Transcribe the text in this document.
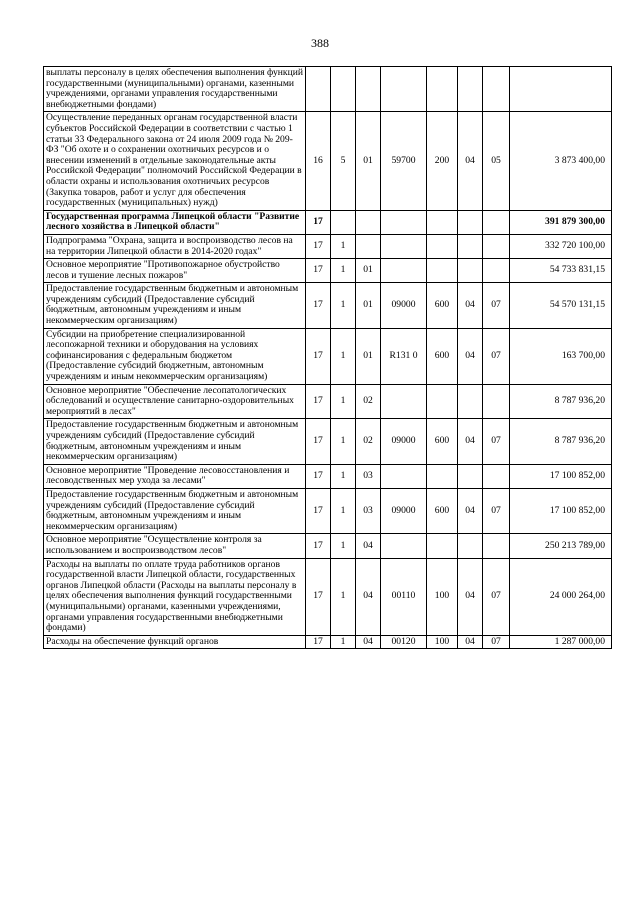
388
выплаты персоналу в целях обеспечения выполнения функций государственными (муниципальными) органами, казенными учреждениями, органами управления государственными внебюджетными фондами)								
Осуществление переданных органам государственной власти субъектов Российской Федерации в соответствии с частью 1 статьи 33 Федерального закона от 24 июля 2009 года № 209-ФЗ "Об охоте и о сохранении охотничьих ресурсов и о внесении изменений в отдельные законодательные акты Российской Федерации" полномочий Российской Федерации в области охраны и использования охотничьих ресурсов (Закупка товаров, работ и услуг для обеспечения государственных (муниципальных) нужд)	16	5	01	59700	200	04	05	3 873 400,00
Государственная программа Липецкой области "Развитие лесного хозяйства в Липецкой области"	17							391 879 300,00
Подпрограмма "Охрана, защита и воспроизводство лесов на на территории Липецкой области в 2014-2020 годах"	17	1						332 720 100,00
Основное мероприятие "Противопожарное обустройство лесов и тушение лесных пожаров"	17	1	01					54 733 831,15
Предоставление государственным бюджетным и автономным учреждениям субсидий (Предоставление субсидий бюджетным, автономным учреждениям и иным некоммерческим организациям)	17	1	01	09000	600	04	07	54 570 131,15
Субсидии на приобретение специализированной лесопожарной техники и оборудования на условиях софинансирования с федеральным бюджетом (Предоставление субсидий бюджетным, автономным учреждениям и иным некоммерческим организациям)	17	1	01	R131 0	600	04	07	163 700,00
Основное мероприятие "Обеспечение лесопатологических обследований и осуществление санитарно-оздоровительных мероприятий в лесах"	17	1	02					8 787 936,20
Предоставление государственным бюджетным и автономным учреждениям субсидий (Предоставление субсидий бюджетным, автономным учреждениям и иным некоммерческим организациям)	17	1	02	09000	600	04	07	8 787 936,20
Основное мероприятие "Проведение лесовосстановления и лесоводственных мер ухода за лесами"	17	1	03					17 100 852,00
Предоставление государственным бюджетным и автономным учреждениям субсидий (Предоставление субсидий бюджетным, автономным учреждениям и иным некоммерческим организациям)	17	1	03	09000	600	04	07	17 100 852,00
Основное мероприятие "Осуществление контроля за использованием и воспроизводством лесов"	17	1	04					250 213 789,00
Расходы на выплаты по оплате труда работников органов государственной власти Липецкой области, государственных органов Липецкой области (Расходы на выплаты персоналу в целях обеспечения выполнения функций государственными (муниципальными) органами, казенными учреждениями, органами управления государственными внебюджетными фондами)	17	1	04	00110	100	04	07	24 000 264,00
Расходы на обеспечение функций органов	17	1	04	00120	100	04	07	1 287 000,00
